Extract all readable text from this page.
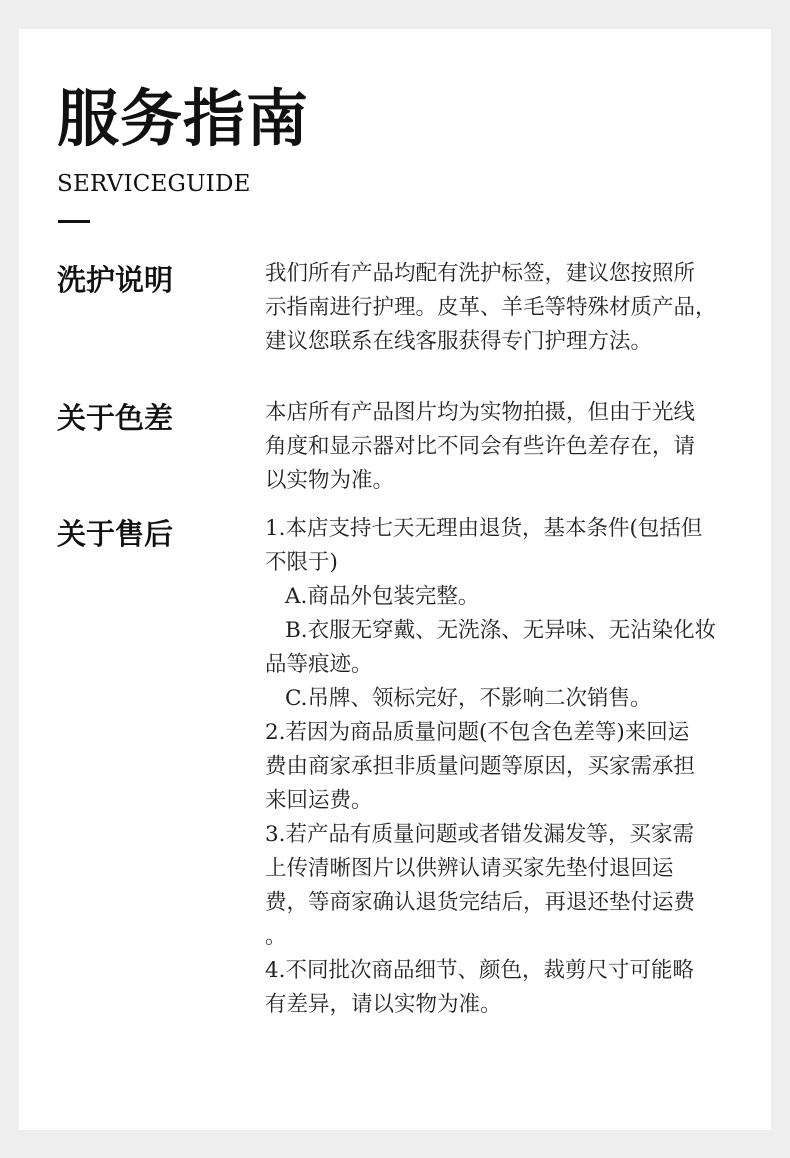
服务指南
SERVICEGUIDE
洗护说明	我们所有产品均配有洗护标签，建议您按照所
示指南进行护理。皮革、羊毛等特殊材质产品，
建议您联系在线客服获得专门护理方法。
关于色差	本店所有产品图片均为实物拍摄，但由于光线
角度和显示器对比不同会有些许色差存在，请
以实物为准。
关于售后	1.本店支持七天无理由退货，基本条件(包括但
不限于)
A.商品外包装完整。
B.衣服无穿戴、无洗涤、无异味、无沾染化妆
品等痕迹。
C.吊牌、领标完好，不影响二次销售。
2.若因为商品质量问题(不包含色差等)来回运
费由商家承担非质量问题等原因，买家需承担
来回运费。
3.若产品有质量问题或者错发漏发等，买家需
上传清晰图片以供辨认请买家先垫付退回运
费，等商家确认退货完结后，再退还垫付运费
。
4.不同批次商品细节、颜色，裁剪尺寸可能略
有差异，请以实物为准。
